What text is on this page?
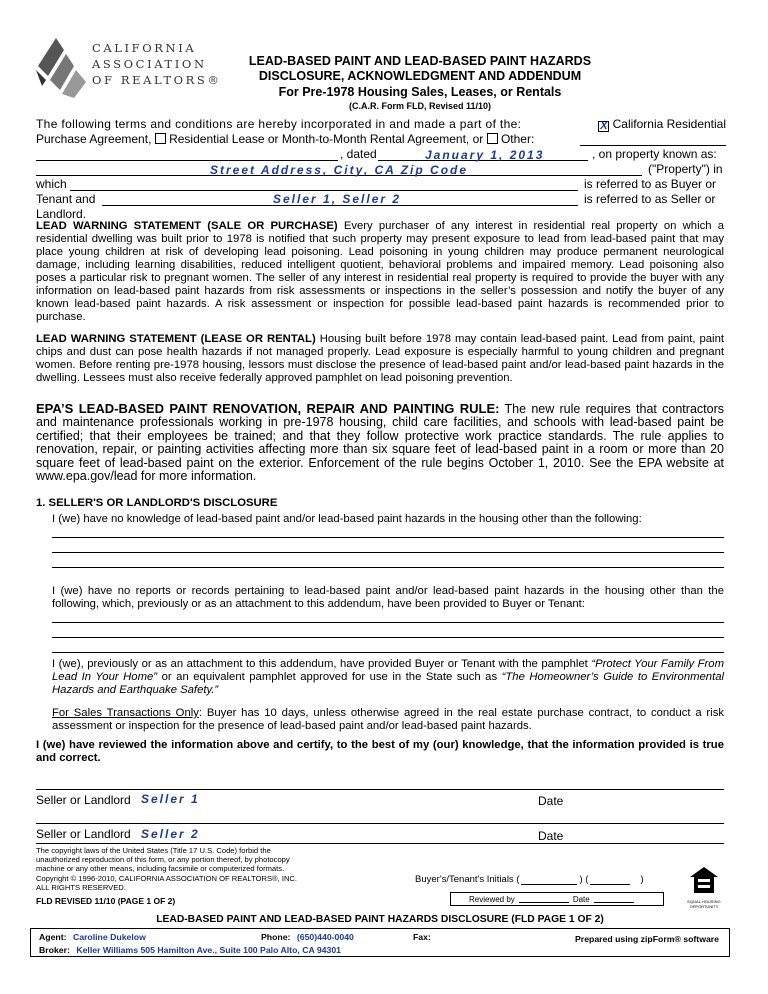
CALIFORNIA
ASSOCIATION
OF REALTORS®
LEAD-BASED PAINT AND LEAD-BASED PAINT HAZARDS
DISCLOSURE, ACKNOWLEDGMENT AND ADDENDUM
For Pre-1978 Housing Sales, Leases, or Rentals
(C.A.R. Form FLD, Revised 11/10)
The following terms and conditions are hereby incorporated in and made a part of the:	X California Residential
Purchase Agreement, Residential Lease or Month-to-Month Rental Agreement, or Other:
, dated	January 1, 2013	, on property known as:
Street Address, City, CA Zip Code	("Property") in
which	is referred to as Buyer or
Tenant and	Seller 1, Seller 2	is referred to as Seller or
Landlord.
LEAD WARNING STATEMENT (SALE OR PURCHASE) Every purchaser of any interest in residential real property on which a residential dwelling was built prior to 1978 is notified that such property may present exposure to lead from lead-based paint that may place young children at risk of developing lead poisoning. Lead poisoning in young children may produce permanent neurological damage, including learning disabilities, reduced intelligent quotient, behavioral problems and impaired memory. Lead poisoning also poses a particular risk to pregnant women. The seller of any interest in residential real property is required to provide the buyer with any information on lead-based paint hazards from risk assessments or inspections in the seller’s possession and notify the buyer of any known lead-based paint hazards. A risk assessment or inspection for possible lead-based paint hazards is recommended prior to purchase.
LEAD WARNING STATEMENT (LEASE OR RENTAL) Housing built before 1978 may contain lead-based paint. Lead from paint, paint chips and dust can pose health hazards if not managed properly. Lead exposure is especially harmful to young children and pregnant women. Before renting pre-1978 housing, lessors must disclose the presence of lead-based paint and/or lead-based paint hazards in the dwelling. Lessees must also receive federally approved pamphlet on lead poisoning prevention.
EPA’S LEAD-BASED PAINT RENOVATION, REPAIR AND PAINTING RULE: The new rule requires that contractors and maintenance professionals working in pre-1978 housing, child care facilities, and schools with lead-based paint be certified; that their employees be trained; and that they follow protective work practice standards. The rule applies to renovation, repair, or painting activities affecting more than six square feet of lead-based paint in a room or more than 20 square feet of lead-based paint on the exterior. Enforcement of the rule begins October 1, 2010. See the EPA website at www.epa.gov/lead for more information.
1. SELLER'S OR LANDLORD'S DISCLOSURE
I (we) have no knowledge of lead-based paint and/or lead-based paint hazards in the housing other than the following:
I (we) have no reports or records pertaining to lead-based paint and/or lead-based paint hazards in the housing other than the following, which, previously or as an attachment to this addendum, have been provided to Buyer or Tenant:
I (we), previously or as an attachment to this addendum, have provided Buyer or Tenant with the pamphlet “Protect Your Family From Lead In Your Home” or an equivalent pamphlet approved for use in the State such as “The Homeowner’s Guide to Environmental Hazards and Earthquake Safety.”
For Sales Transactions Only: Buyer has 10 days, unless otherwise agreed in the real estate purchase contract, to conduct a risk assessment or inspection for the presence of lead-based paint and/or lead-based paint hazards.
I (we) have reviewed the information above and certify, to the best of my (our) knowledge, that the information provided is true and correct.
Seller or Landlord Seller 1	Date
Seller or Landlord Seller 2	Date
The copyright laws of the United States (Title 17 U.S. Code) forbid the unauthorized reproduction of this form, or any portion thereof, by photocopy machine or any other means, including facsimile or computerized formats. Copyright © 1996-2010, CALIFORNIA ASSOCIATION OF REALTORS®, INC. ALL RIGHTS RESERVED.
FLD REVISED 11/10 (PAGE 1 OF 2)
Buyer's/Tenant's Initials (	) (	)
Reviewed by	Date	EQUAL HOUSING
OPPORTUNITY
LEAD-BASED PAINT AND LEAD-BASED PAINT HAZARDS DISCLOSURE (FLD PAGE 1 OF 2)
Agent: Caroline Dukelow	Phone: (650)440-0040	Fax:	Prepared using zipForm® software
Broker: Keller Williams 505 Hamilton Ave., Suite 100 Palo Alto, CA 94301
